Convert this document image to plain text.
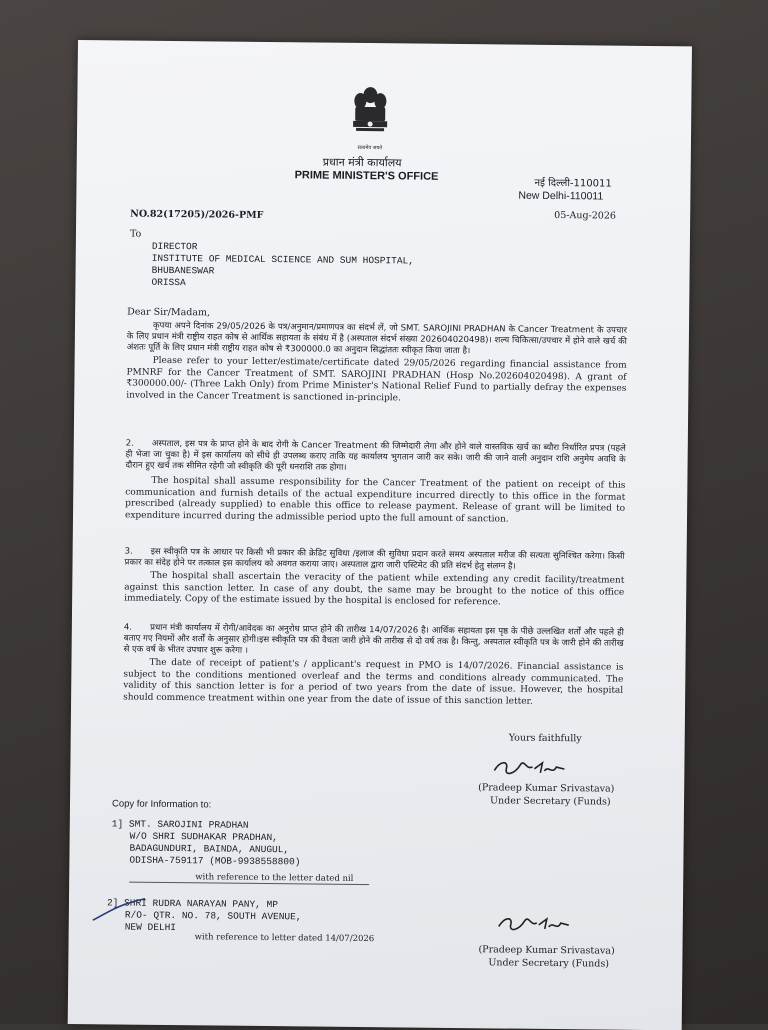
सत्यमेव जयते
प्रधान मंत्री कार्यालय
PRIME MINISTER'S OFFICE
नई दिल्ली-110011
New Delhi-110011
NO.82(17205)/2026-PMF	05-Aug-2026
To
DIRECTOR
INSTITUTE OF MEDICAL SCIENCE AND SUM HOSPITAL,
BHUBANESWAR
ORISSA
Dear Sir/Madam,

कृपया अपने दिनांक 29/05/2026 के पत्र/अनुमान/प्रमाणपत्र का संदर्भ लें, जो SMT. SAROJINI PRADHAN के Cancer Treatment के उपचार के लिए प्रधान मंत्री राष्ट्रीय राहत कोष से आर्थिक सहायता के संबंध में है (अस्पताल संदर्भ संख्या 202604020498)। शल्य चिकित्सा/उपचार में होने वाले खर्च की अंशतः पूर्ति के लिए प्रधान मंत्री राष्ट्रीय राहत कोष से ₹300000.0 का अनुदान सिद्धांततः स्वीकृत किया जाता है।

Please refer to your letter/estimate/certificate dated 29/05/2026 regarding financial assistance from PMNRF for the Cancer Treatment of SMT. SAROJINI PRADHAN (Hosp No.202604020498). A grant of ₹300000.00/- (Three Lakh Only) from Prime Minister's National Relief Fund to partially defray the expenses involved in the Cancer Treatment is sanctioned in-principle.

2. अस्पताल, इस पत्र के प्राप्त होने के बाद रोगी के Cancer Treatment की जिम्मेदारी लेगा और होने वाले वास्तविक खर्च का ब्यौरा निर्धारित प्रपत्र (पहले ही भेजा जा चुका है) में इस कार्यालय को सीधे ही उपलब्ध कराए ताकि यह कार्यालय भुगतान जारी कर सके। जारी की जाने वाली अनुदान राशि अनुमेय अवधि के दौरान हुए खर्च तक सीमित रहेगी जो स्वीकृति की पूरी धनराशि तक होगा।

The hospital shall assume responsibility for the Cancer Treatment of the patient on receipt of this communication and furnish details of the actual expenditure incurred directly to this office in the format prescribed (already supplied) to enable this office to release payment. Release of grant will be limited to expenditure incurred during the admissible period upto the full amount of sanction.

3. इस स्वीकृति पत्र के आधार पर किसी भी प्रकार की क्रेडिट सुविधा /इलाज की सुविधा प्रदान करते समय अस्पताल मरीज की सत्यता सुनिश्चित करेगा। किसी प्रकार का संदेह होने पर तत्काल इस कार्यालय को अवगत कराया जाए। अस्पताल द्वारा जारी एस्टिमेट की प्रति संदर्भ हेतु संलग्न है।

The hospital shall ascertain the veracity of the patient while extending any credit facility/treatment against this sanction letter. In case of any doubt, the same may be brought to the notice of this office immediately. Copy of the estimate issued by the hospital is enclosed for reference.

4. प्रधान मंत्री कार्यालय में रोगी/आवेदक का अनुरोध प्राप्त होने की तारीख 14/07/2026 है। आर्थिक सहायता इस पृष्ठ के पीछे उल्लखित शर्तों और पहले ही बताए गए नियमों और शर्तों के अनुसार होगी।इस स्वीकृति पत्र की वैधता जारी होने की तारीख से दो वर्ष तक है। किन्तु, अस्पताल स्वीकृति पत्र के जारी होने की तारीख से एक वर्ष के भीतर उपचार शुरू करेगा ।

The date of receipt of patient's / applicant's request in PMO is 14/07/2026. Financial assistance is subject to the conditions mentioned overleaf and the terms and conditions already communicated. The validity of this sanction letter is for a period of two years from the date of issue. However, the hospital should commence treatment within one year from the date of issue of this sanction letter.

Yours faithfully
(Pradeep Kumar Srivastava)
Under Secretary (Funds)
Copy for Information to:
1] SMT. SAROJINI PRADHAN
W/O SHRI SUDHAKAR PRADHAN,
BADAGUNDURI, BAINDA, ANUGUL,
ODISHA-759117 (MOB-9938558800)
with reference to the letter dated nil
2] SHRI RUDRA NARAYAN PANY, MP
R/O- QTR. NO. 78, SOUTH AVENUE,
NEW DELHI
with reference to letter dated 14/07/2026
(Pradeep Kumar Srivastava)
Under Secretary (Funds)
